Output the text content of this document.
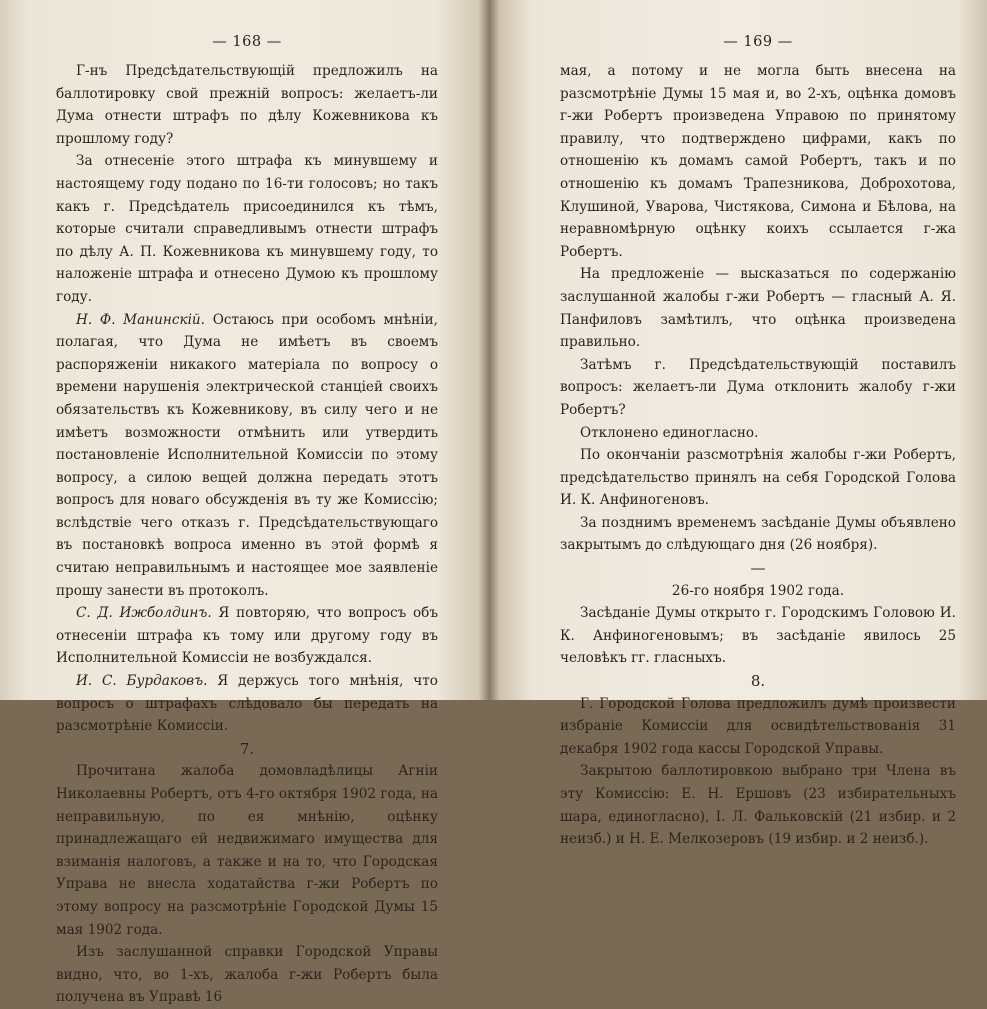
— 168 —

Г-нъ Предсѣдательствующій предложилъ на баллотировку свой прежній вопросъ: желаетъ-ли Дума отнести штрафъ по дѣлу Кожевникова къ прошлому году?

За отнесеніе этого штрафа къ минувшему и настоящему году подано по 16-ти голосовъ; но такъ какъ г. Предсѣдатель присоединился къ тѣмъ, которые считали справедливымъ отнести штрафъ по дѣлу А. П. Кожевникова къ минувшему году, то наложеніе штрафа и отнесено Думою къ прошлому году.

Н. Ф. Манинскій. Остаюсь при особомъ мнѣніи, полагая, что Дума не имѣетъ въ своемъ распоряженіи никакого матеріала по вопросу о времени нарушенія электрической станціей своихъ обязательствъ къ Кожевникову, въ силу чего и не имѣетъ возможности отмѣнить или утвердить постановленіе Исполнительной Комиссіи по этому вопросу, а силою вещей должна передать этотъ вопросъ для новаго обсужденія въ ту же Комиссію; вслѣдствіе чего отказъ г. Предсѣдательствующаго въ постановкѣ вопроса именно въ этой формѣ я считаю неправильнымъ и настоящее мое заявленіе прошу занести въ протоколъ.

С. Д. Ижболдинъ. Я повторяю, что вопросъ объ отнесеніи штрафа къ тому или другому году въ Исполнительной Комиссіи не возбуждался.

И. С. Бурдаковъ. Я держусь того мнѣнія, что вопросъ о штрафахъ слѣдовало бы передать на разсмотрѣніе Комиссіи.

7.

Прочитана жалоба домовладѣлицы Агніи Николаевны Робертъ, отъ 4-го октября 1902 года, на неправильную, по ея мнѣнію, оцѣнку принадлежащаго ей недвижимаго имущества для взиманія налоговъ, а также и на то, что Городская Управа не внесла ходатайства г-жи Робертъ по этому вопросу на разсмотрѣніе Городской Думы 15 мая 1902 года.

Изъ заслушанной справки Городской Управы видно, что, во 1-хъ, жалоба г-жи Робертъ была получена въ Управѣ 16

— 169 —

мая, а потому и не могла быть внесена на разсмотрѣніе Думы 15 мая и, во 2-хъ, оцѣнка домовъ г-жи Робертъ произведена Управою по принятому правилу, что подтверждено цифрами, какъ по отношенію къ домамъ самой Робертъ, такъ и по отношенію къ домамъ Трапезникова, Доброхотова, Клушиной, Уварова, Чистякова, Симона и Бѣлова, на неравномѣрную оцѣнку коихъ ссылается г-жа Робертъ.

На предложеніе — высказаться по содержанію заслушанной жалобы г-жи Робертъ — гласный А. Я. Панфиловъ замѣтилъ, что оцѣнка произведена правильно.

Затѣмъ г. Предсѣдательствующій поставилъ вопросъ: желаетъ-ли Дума отклонить жалобу г-жи Робертъ?

Отклонено единогласно.

По окончаніи разсмотрѣнія жалобы г-жи Робертъ, предсѣдательство принялъ на себя Городской Голова И. К. Анфиногеновъ.

За позднимъ временемъ засѣданіе Думы объявлено закрытымъ до слѣдующаго дня (26 ноября).

—

26-го ноября 1902 года.

Засѣданіе Думы открыто г. Городскимъ Головою И. К. Анфиногеновымъ; въ засѣданіе явилось 25 человѣкъ гг. гласныхъ.

8.

Г. Городской Голова предложилъ думѣ произвести избраніе Комиссіи для освидѣтельствованія 31 декабря 1902 года кассы Городской Управы.

Закрытою баллотировкою выбрано три Члена въ эту Комиссію: Е. Н. Ершовъ (23 избирательныхъ шара, единогласно), І. Л. Фальковскій (21 избир. и 2 неизб.) и Н. Е. Мелкозеровъ (19 избир. и 2 неизб.).
